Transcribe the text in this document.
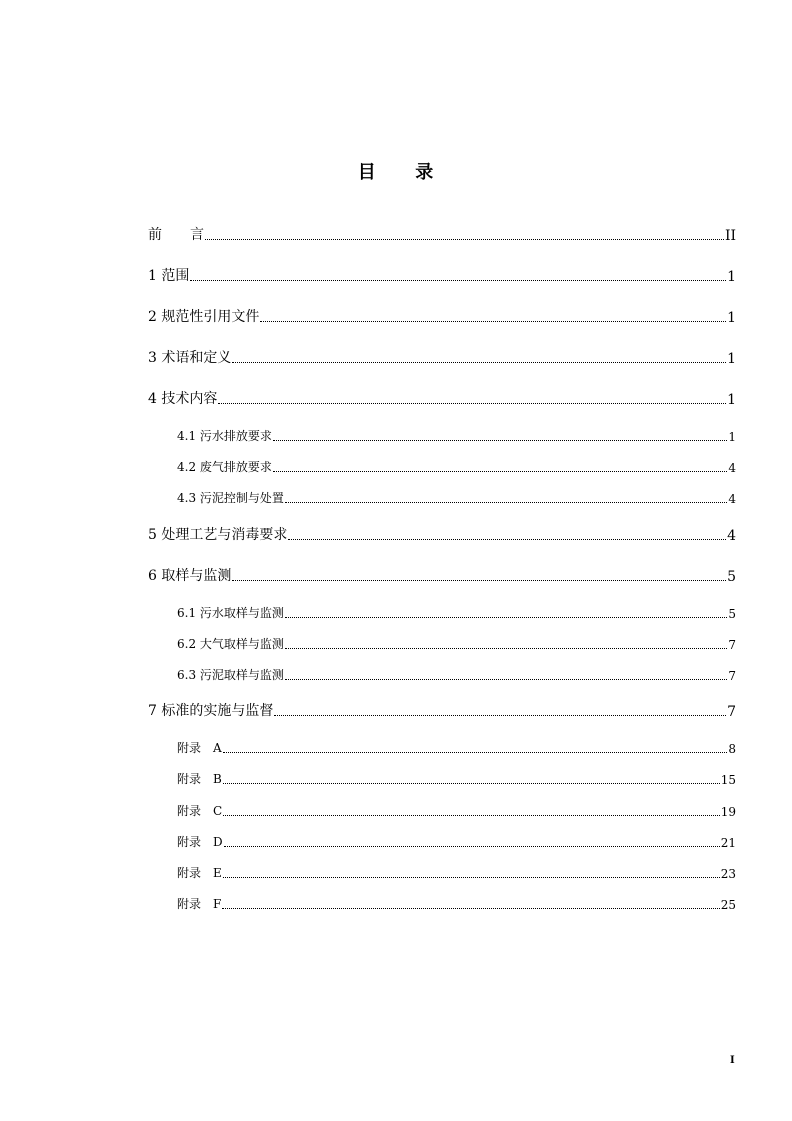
目 录
前　　言	II
1 范围	1
2 规范性引用文件	1
3 术语和定义	1
4 技术内容	1
4.1 污水排放要求	1
4.2 废气排放要求	4
4.3 污泥控制与处置	4
5 处理工艺与消毒要求	4
6 取样与监测	5
6.1 污水取样与监测	5
6.2 大气取样与监测	7
6.3 污泥取样与监测	7
7 标准的实施与监督	7
附录　A	8
附录　B	15
附录　C	19
附录　D	21
附录　E	23
附录　F	25
I
